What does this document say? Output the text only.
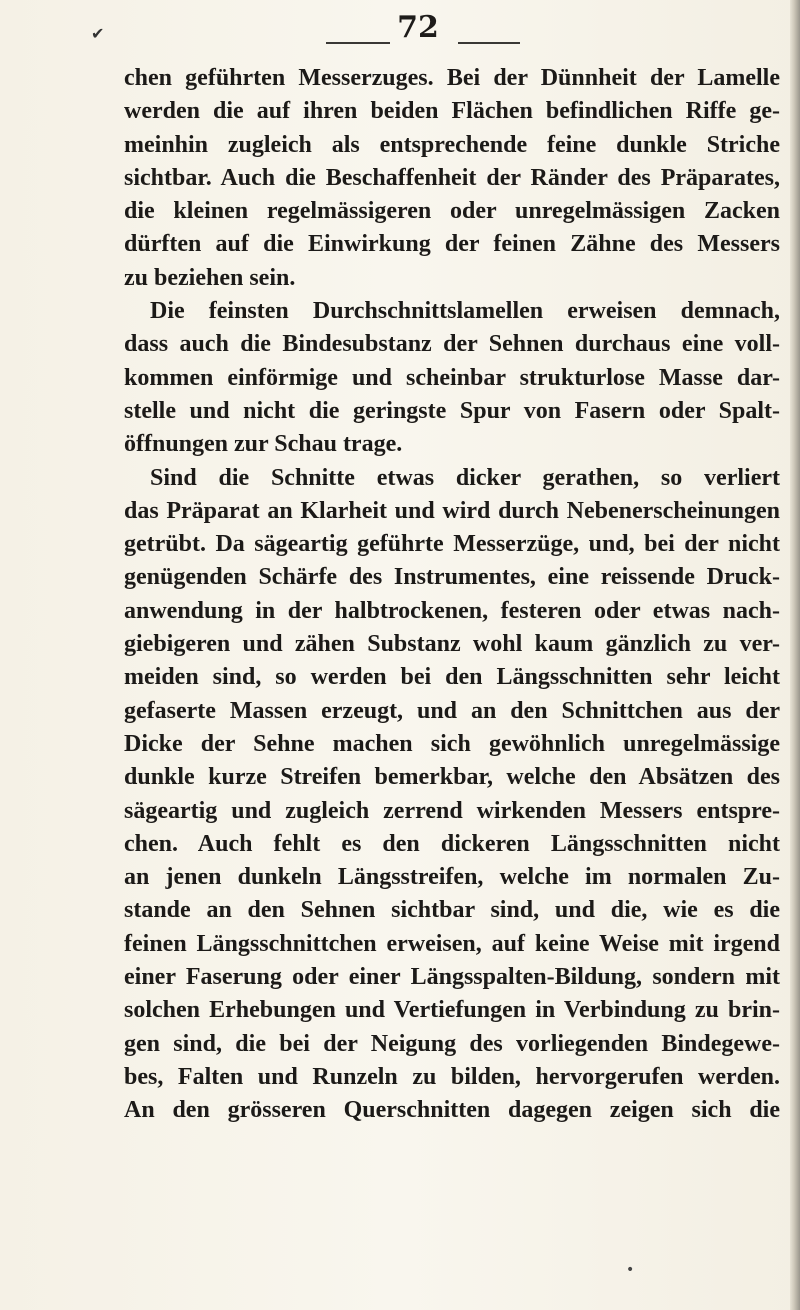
✔	72
chen geführten Messerzuges. Bei der Dünnheit der Lamelle
werden die auf ihren beiden Flächen befindlichen Riffe ge-
meinhin zugleich als entsprechende feine dunkle Striche
sichtbar. Auch die Beschaffenheit der Ränder des Präparates,
die kleinen regelmässigeren oder unregelmässigen Zacken
dürften auf die Einwirkung der feinen Zähne des Messers
zu beziehen sein.
Die feinsten Durchschnittslamellen erweisen demnach,
dass auch die Bindesubstanz der Sehnen durchaus eine voll-
kommen einförmige und scheinbar strukturlose Masse dar-
stelle und nicht die geringste Spur von Fasern oder Spalt-
öffnungen zur Schau trage.
Sind die Schnitte etwas dicker gerathen, so verliert
das Präparat an Klarheit und wird durch Nebenerscheinungen
getrübt. Da sägeartig geführte Messerzüge, und, bei der nicht
genügenden Schärfe des Instrumentes, eine reissende Druck-
anwendung in der halbtrockenen, festeren oder etwas nach-
giebigeren und zähen Substanz wohl kaum gänzlich zu ver-
meiden sind, so werden bei den Längsschnitten sehr leicht
gefaserte Massen erzeugt, und an den Schnittchen aus der
Dicke der Sehne machen sich gewöhnlich unregelmässige
dunkle kurze Streifen bemerkbar, welche den Absätzen des
sägeartig und zugleich zerrend wirkenden Messers entspre-
chen. Auch fehlt es den dickeren Längsschnitten nicht
an jenen dunkeln Längsstreifen, welche im normalen Zu-
stande an den Sehnen sichtbar sind, und die, wie es die
feinen Längsschnittchen erweisen, auf keine Weise mit irgend
einer Faserung oder einer Längsspalten-Bildung, sondern mit
solchen Erhebungen und Vertiefungen in Verbindung zu brin-
gen sind, die bei der Neigung des vorliegenden Bindegewe-
bes, Falten und Runzeln zu bilden, hervorgerufen werden.
An den grösseren Querschnitten dagegen zeigen sich die
•
